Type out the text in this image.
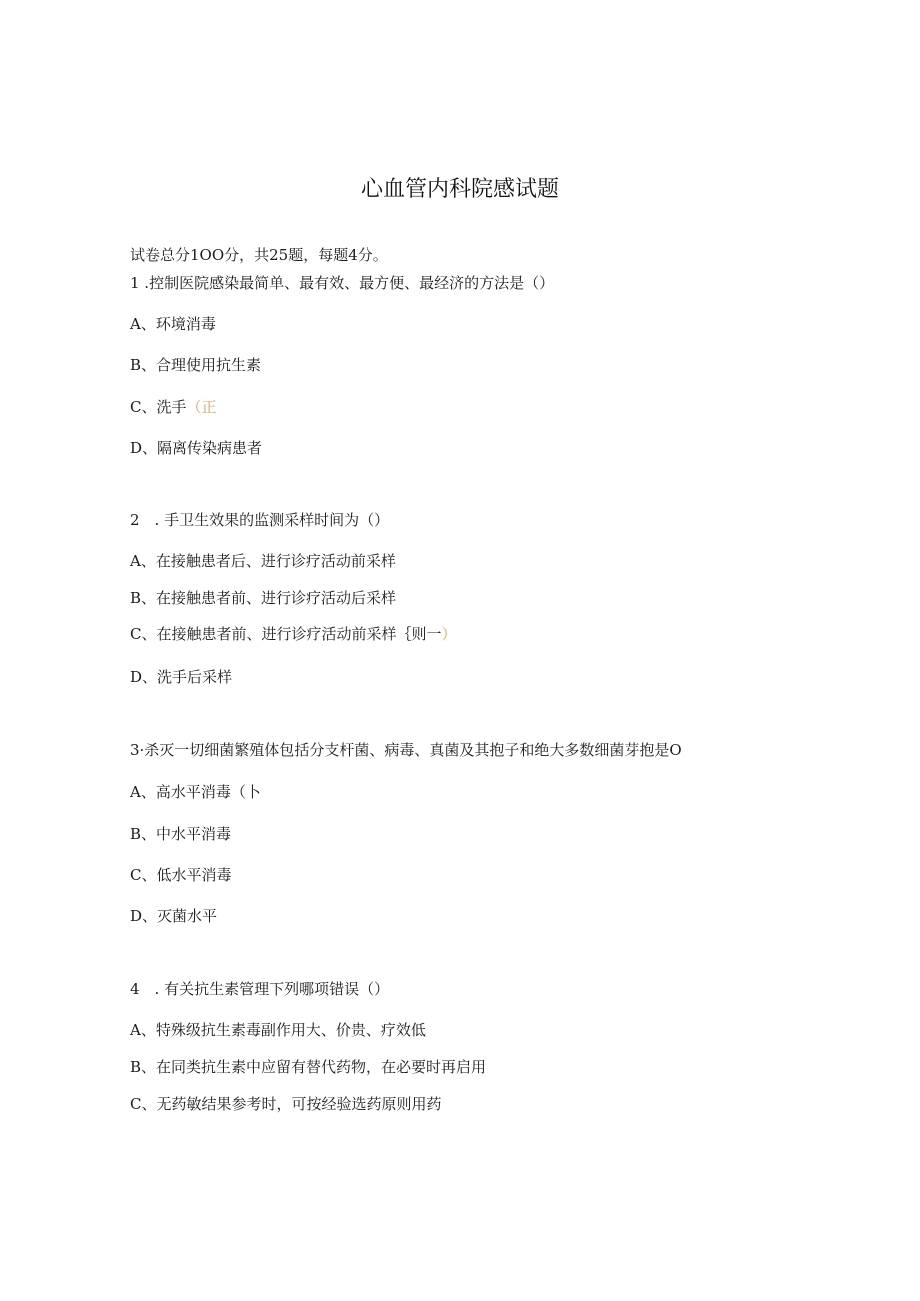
心血管内科院感试题
试卷总分1OO分，共25题，每题4分。
1 .控制医院感染最简单、最有效、最方便、最经济的方法是（）
A、环境消毒
B、合理使用抗生素
C、洗手（正
D、隔离传染病患者
2　. 手卫生效果的监测采样时间为（）
A、在接触患者后、进行诊疗活动前采样
B、在接触患者前、进行诊疗活动后采样
C、在接触患者前、进行诊疗活动前采样｛则一）
D、洗手后采样
3·杀灭一切细菌繁殖体包括分支杆菌、病毒、真菌及其抱子和绝大多数细菌芽抱是O
A、高水平消毒（卜
B、中水平消毒
C、低水平消毒
D、灭菌水平
4　. 有关抗生素管理下列哪项错误（）
A、特殊级抗生素毒副作用大、价贵、疗效低
B、在同类抗生素中应留有替代药物，在必要时再启用
C、无药敏结果参考时，可按经验选药原则用药
